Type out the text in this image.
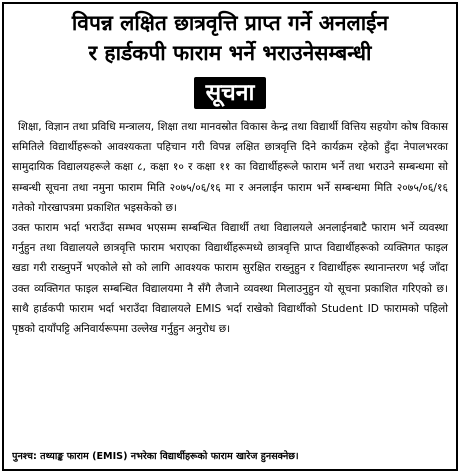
विपन्न लक्षित छात्रवृत्ति प्राप्त गर्ने अनलाईन
र हार्डकपी फाराम भर्ने भराउनेसम्बन्धी
सूचना

शिक्षा, विज्ञान तथा प्रविधि मन्त्रालय, शिक्षा तथा मानवस्रोत विकास केन्द्र तथा विद्यार्थी वित्तिय सहयोग कोष विकास समितिले विद्यार्थीहरूको आवश्यकता पहिचान गरी विपन्न लक्षित छात्रवृत्ति दिने कार्यक्रम रहेको हुँदा नेपालभरका सामुदायिक विद्यालयहरूले कक्षा ८, कक्षा १० र कक्षा ११ का विद्यार्थीहरूले फाराम भर्ने तथा भराउने सम्बन्धमा सो सम्बन्धी सूचना तथा नमुना फाराम मिति २०७५/०६/१६ मा र अनलाईन फाराम भर्ने सम्बन्धमा मिति २०७५/०६/१६ गतेको गोरखापत्रमा प्रकाशित भइसकेको छ।

उक्त फाराम भर्दा भराउँदा सम्भव भएसम्म सम्बन्धित विद्यार्थी तथा विद्यालयले अनलाईनबाटै फाराम भर्ने व्यवस्था गर्नुहुन तथा विद्यालयले छात्रवृत्ति फाराम भराएका विद्यार्थीहरूमध्ये छात्रवृत्ति प्राप्त विद्यार्थीहरूको व्यक्तिगत फाइल खडा गरी राख्नुपर्ने भएकोले सो को लागि आवश्यक फाराम सुरक्षित राख्नुहुन र विद्यार्थीहरू स्थानान्तरण भई जाँदा उक्त व्यक्तिगत फाइल सम्बन्धित विद्यालयमा नै सँगै लैजाने व्यवस्था मिलाउनुहुन यो सूचना प्रकाशित गरिएको छ। साथै हार्डकपी फाराम भर्दा भराउँदा विद्यालयले EMIS भर्दा राखेको विद्यार्थीको Student ID फारामको पहिलो पृष्ठको दायाँपट्टि अनिवार्यरूपमा उल्लेख गर्नुहुन अनुरोध छ।

पुनश्च: तथ्याङ्क फाराम (EMIS) नभरेका विद्यार्थीहरूको फाराम खारेज हुनसक्नेछ।
